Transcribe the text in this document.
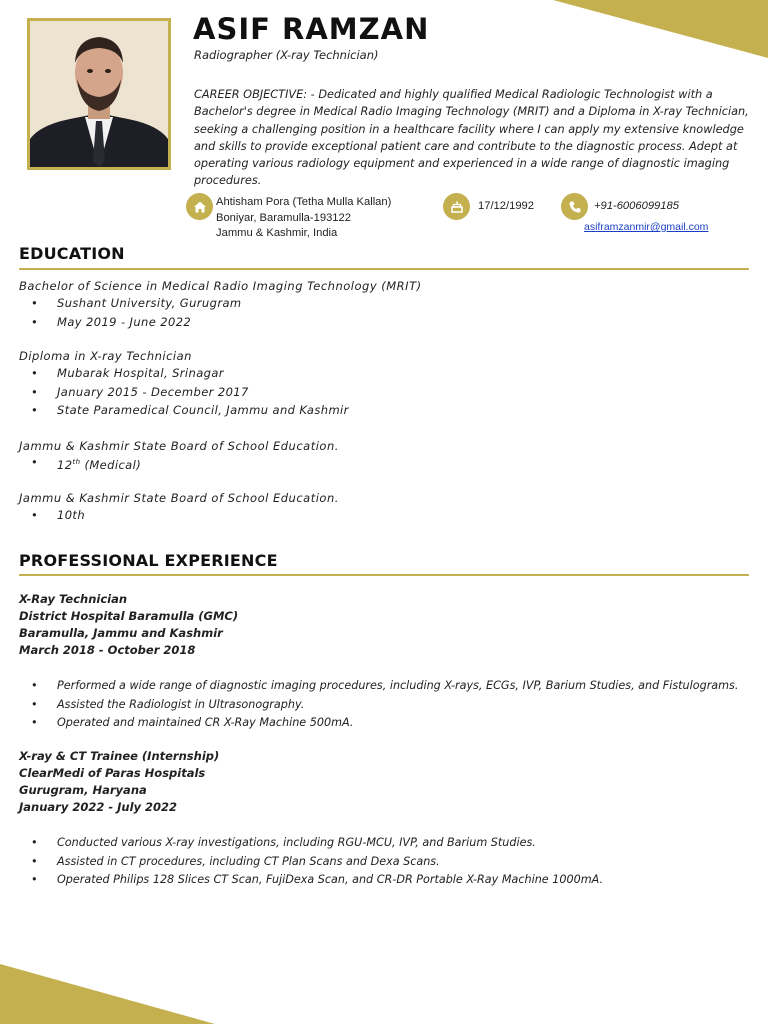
ASIF RAMZAN
Radiographer (X-ray Technician)
CAREER OBJECTIVE: - Dedicated and highly qualified Medical Radiologic Technologist with a Bachelor's degree in Medical Radio Imaging Technology (MRIT) and a Diploma in X-ray Technician, seeking a challenging position in a healthcare facility where I can apply my extensive knowledge and skills to provide exceptional patient care and contribute to the diagnostic process. Adept at operating various radiology equipment and experienced in a wide range of diagnostic imaging procedures.
Ahtisham Pora (Tetha Mulla Kallan)
Boniyar, Baramulla-193122
Jammu & Kashmir, India
17/12/1992	+91-6006099185
asiframzanmir@gmail.com
EDUCATION
Bachelor of Science in Medical Radio Imaging Technology (MRIT)
• Sushant University, Gurugram
• May 2019 - June 2022
Diploma in X-ray Technician
• Mubarak Hospital, Srinagar
• January 2015 - December 2017
• State Paramedical Council, Jammu and Kashmir
Jammu & Kashmir State Board of School Education.
• 12th (Medical)
Jammu & Kashmir State Board of School Education.
• 10th
PROFESSIONAL EXPERIENCE
X-Ray Technician
District Hospital Baramulla (GMC)
Baramulla, Jammu and Kashmir
March 2018 - October 2018
• Performed a wide range of diagnostic imaging procedures, including X-rays, ECGs, IVP, Barium Studies, and Fistulograms.
• Assisted the Radiologist in Ultrasonography.
• Operated and maintained CR X-Ray Machine 500mA.
X-ray & CT Trainee (Internship)
ClearMedi of Paras Hospitals
Gurugram, Haryana
January 2022 - July 2022
• Conducted various X-ray investigations, including RGU-MCU, IVP, and Barium Studies.
• Assisted in CT procedures, including CT Plan Scans and Dexa Scans.
• Operated Philips 128 Slices CT Scan, FujiDexa Scan, and CR-DR Portable X-Ray Machine 1000mA.
